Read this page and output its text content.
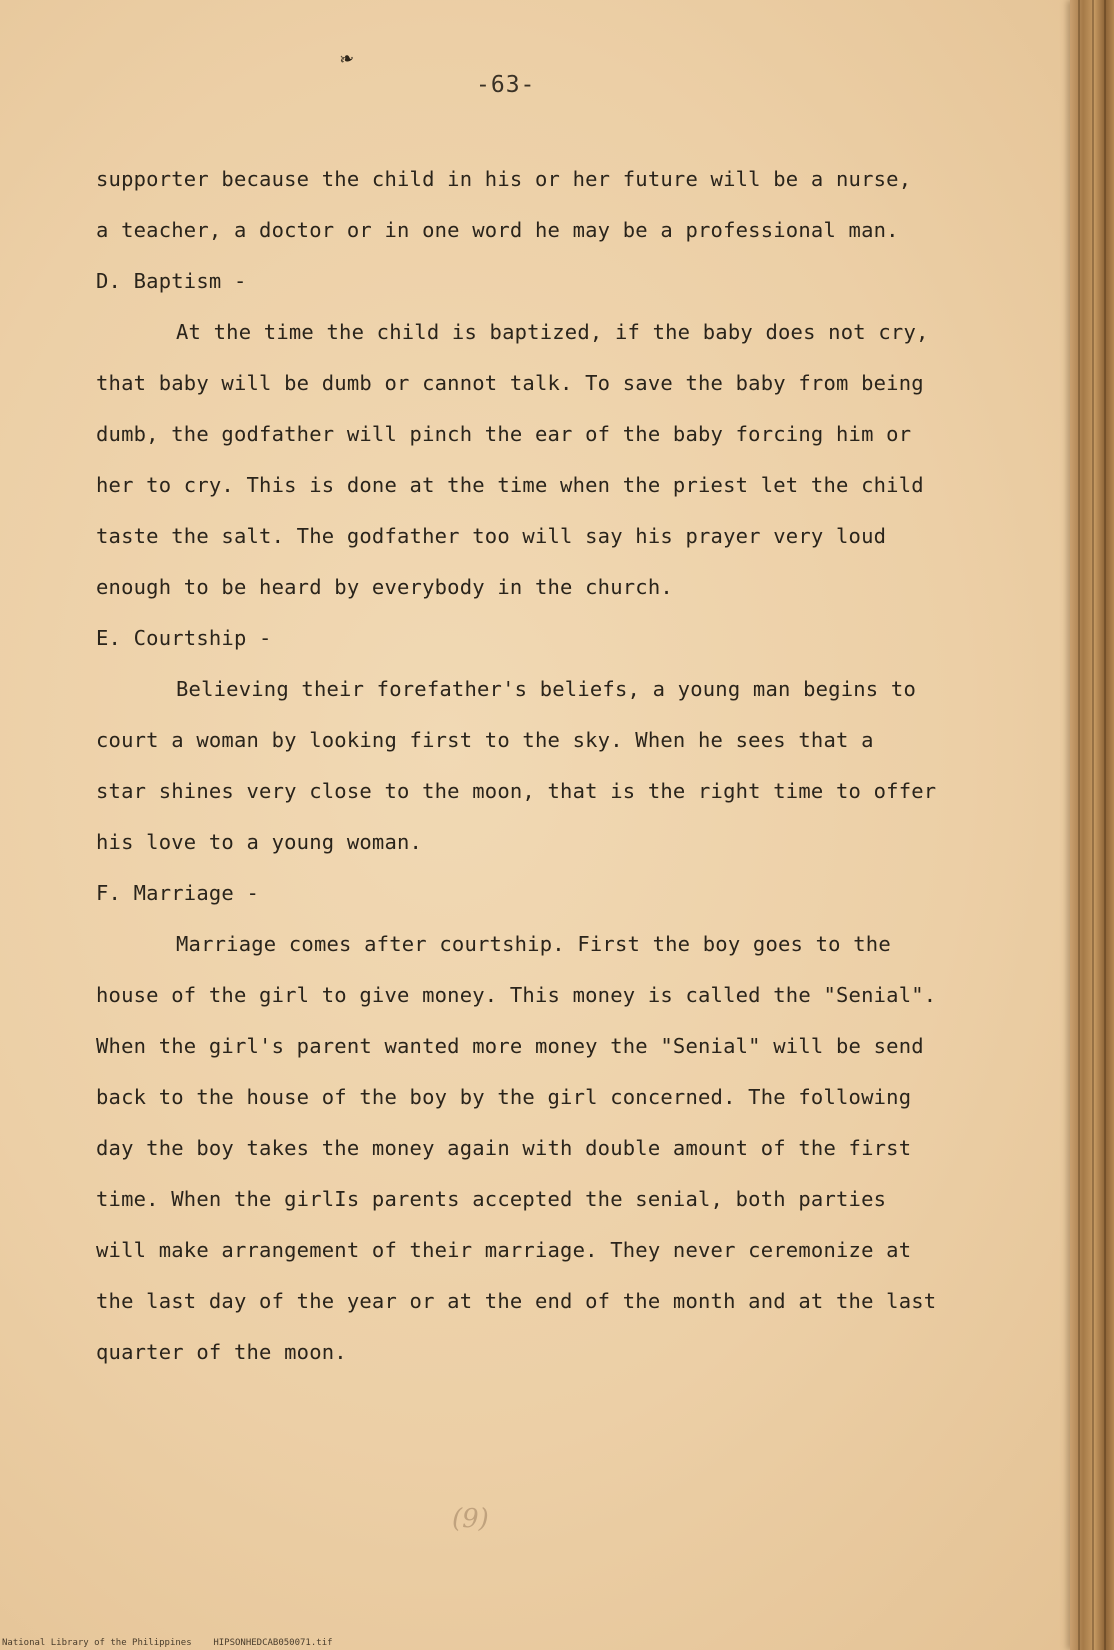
❧
-63-
supporter because the child in his or her future will be a nurse,
a teacher, a doctor or in one word he may be a professional man.
D. Baptism -
At the time the child is baptized, if the baby does not cry,
that baby will be dumb or cannot talk. To save the baby from being
dumb, the godfather will pinch the ear of the baby forcing him or
her to cry. This is done at the time when the priest let the child
taste the salt. The godfather too will say his prayer very loud
enough to be heard by everybody in the church.
E. Courtship -
Believing their forefather's beliefs, a young man begins to
court a woman by looking first to the sky. When he sees that a
star shines very close to the moon, that is the right time to offer
his love to a young woman.
F. Marriage -
Marriage comes after courtship. First the boy goes to the
house of the girl to give money. This money is called the "Senial".
When the girl's parent wanted more money the "Senial" will be send
back to the house of the boy by the girl concerned. The following
day the boy takes the money again with double amount of the first
time. When the girlIs parents accepted the senial, both parties
will make arrangement of their marriage. They never ceremonize at
the last day of the year or at the end of the month and at the last
quarter of the moon.
(9)
National Library of the Philippines    HIPSONHEDCAB050071.tif
